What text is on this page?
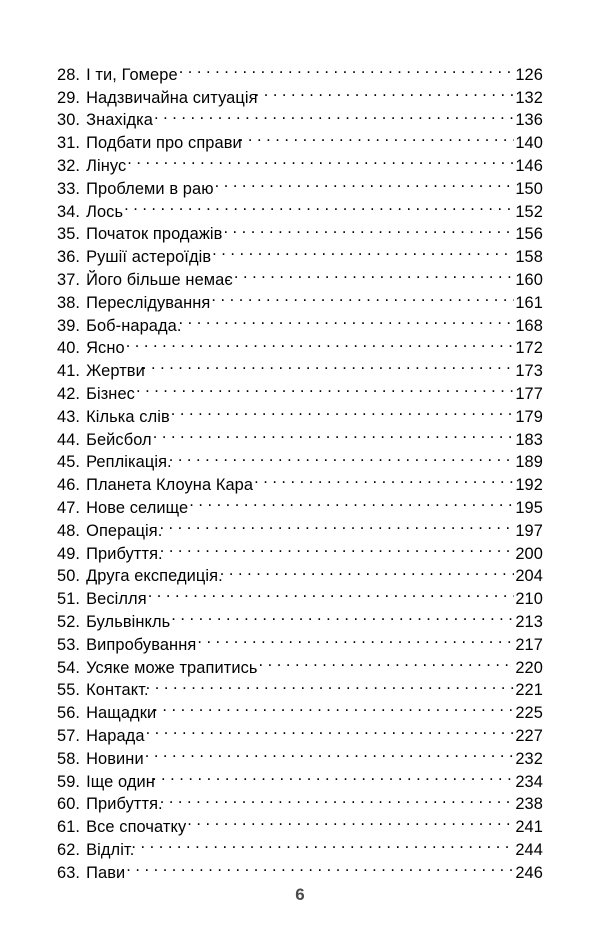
28. І ти, Гомере . . .	126
29. Надзвичайна ситуація . . .	132
30. Знахідка . . .	136
31. Подбати про справи . . .	140
32. Лінус . . .	146
33. Проблеми в раю . . .	150
34. Лось . . .	152
35. Початок продажів . . .	156
36. Рушії астероїдів . . .	158
37. Його більше немає . . .	160
38. Переслідування . . .	161
39. Боб-нарада. . . .	168
40. Ясно . . .	172
41. Жертви . . .	173
42. Бізнес . . .	177
43. Кілька слів . . .	179
44. Бейсбол . . .	183
45. Реплікація. . . .	189
46. Планета Клоуна Кара . . .	192
47. Нове селище . . .	195
48. Операція. . . .	197
49. Прибуття. . . .	200
50. Друга експедиція. . . .	204
51. Весілля . . .	210
52. Бульвінкль . . .	213
53. Випробування . . .	217
54. Усяке може трапитись . . .	220
55. Контакт. . . .	221
56. Нащадки . . .	225
57. Нарада . . .	227
58. Новини . . .	232
59. Іще один . . .	234
60. Прибуття. . . .	238
61. Все спочатку . . .	241
62. Відліт. . . .	244
63. Пави . . .	246
6
